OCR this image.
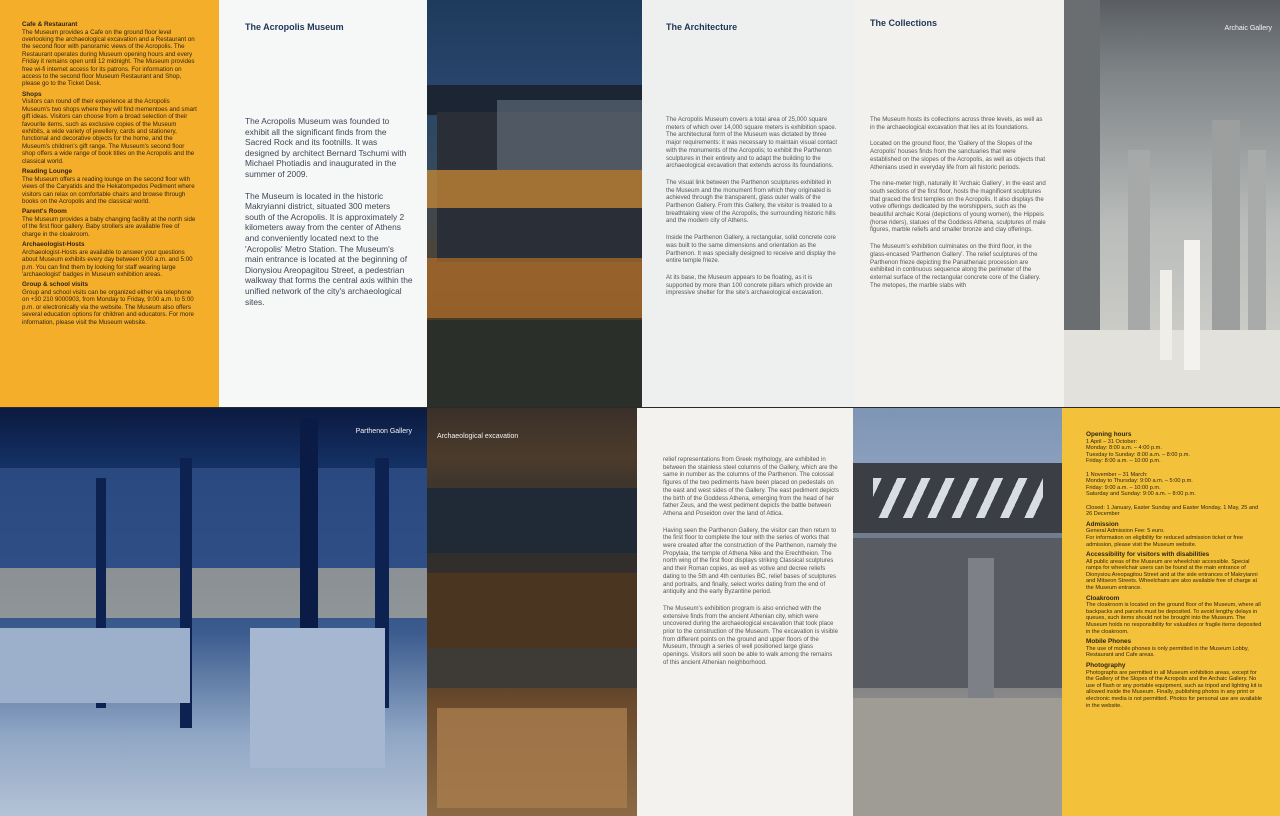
Cafe & Restaurant
The Museum provides a Cafe on the ground floor level overlooking the archaeological excavation and a Restaurant on the second floor with panoramic views of the Acropolis. The Restaurant operates during Museum opening hours and every Friday it remains open until 12 midnight. The Museum provides free wi-fi internet access for its patrons. For information on access to the second floor Museum Restaurant and Shop, please go to the Ticket Desk.
Shops
Visitors can round off their experience at the Acropolis Museum's two shops where they will find mementoes and smart gift ideas. Visitors can choose from a broad selection of their favourite items, such as exclusive copies of the Museum exhibits, a wide variety of jewellery, cards and stationery, functional and decorative objects for the home, and the Museum's children's gift range. The Museum's second floor shop offers a wide range of book titles on the Acropolis and the classical world.
Reading Lounge
The Museum offers a reading lounge on the second floor with views of the Caryatids and the Hekatompedos Pediment where visitors can relax on comfortable chairs and browse through books on the Acropolis and the classical world.
Parent's Room
The Museum provides a baby changing facility at the north side of the first floor gallery. Baby strollers are available free of charge in the cloakroom.
Archaeologist-Hosts
Archaeologist-Hosts are available to answer your questions about Museum exhibits every day between 9:00 a.m. and 5:00 p.m. You can find them by looking for staff wearing large 'archaeologist' badges in Museum exhibition areas.
Group & school visits
Group and school visits can be organized either via telephone on +30 210 9000903, from Monday to Friday, 9:00 a.m. to 5:00 p.m. or electronically via the website. The Museum also offers several education options for children and educators. For more information, please visit the Museum website.
The Acropolis Museum

The Acropolis Museum was founded to exhibit all the significant finds from the Sacred Rock and its footnills. It was designed by architect Bernard Tschumi with Michael Photiadis and inaugurated in the summer of 2009.

The Museum is located in the historic Makryianni district, situated 300 meters south of the Acropolis. It is approximately 2 kilometers away from the center of Athens and conveniently located next to the 'Acropolis' Metro Station. The Museum's main entrance is located at the beginning of Dionysiou Areopagitou Street, a pedestrian walkway that forms the central axis within the unified network of the city's archaeological sites.

The Architecture

The Acropolis Museum covers a total area of 25,000 square meters of which over 14,000 square meters is exhibition space. The architectural form of the Museum was dictated by three major requirements: it was necessary to maintain visual contact with the monuments of the Acropolis; to exhibit the Parthenon sculptures in their entirety and to adapt the building to the archaeological excavation that extends across its foundations.

The visual link between the Parthenon sculptures exhibited in the Museum and the monument from which they originated is achieved through the transparent, glass outer walls of the Parthenon Gallery. From this Gallery, the visitor is treated to a breathtaking view of the Acropolis, the surrounding historic hills and the modern city of Athens.

Inside the Parthenon Gallery, a rectangular, solid concrete core was built to the same dimensions and orientation as the Parthenon. It was specially designed to receive and display the entire temple frieze.

At its base, the Museum appears to be floating, as it is supported by more than 100 concrete pillars which provide an impressive shelter for the site's archaeological excavation.

The Collections

The Museum hosts its collections across three levels, as well as in the archaeological excavation that lies at its foundations.

Located on the ground floor, the 'Gallery of the Slopes of the Acropolis' houses finds from the sanctuaries that were established on the slopes of the Acropolis, as well as objects that Athenians used in everyday life from all historic periods.

The nine-meter high, naturally lit 'Archaic Gallery', in the east and south sections of the first floor, hosts the magnificent sculptures that graced the first temples on the Acropolis. It also displays the votive offerings dedicated by the worshippers, such as the beautiful archaic Korai (depictions of young women), the Hippeis (horse riders), statues of the Goddess Athena, sculptures of male figures, marble reliefs and smaller bronze and clay offerings.

The Museum's exhibition culminates on the third floor, in the glass-encased 'Parthenon Gallery'. The relief sculptures of the Parthenon frieze depicting the Panathenaic procession are exhibited in continuous sequence along the perimeter of the external surface of the rectangular concrete core of the Gallery. The metopes, the marble slabs with

Archaic Gallery
Parthenon Gallery
Archaeological excavation

relief representations from Greek mythology, are exhibited in between the stainless steel columns of the Gallery, which are the same in number as the columns of the Parthenon. The colossal figures of the two pediments have been placed on pedestals on the east and west sides of the Gallery. The east pediment depicts the birth of the Goddess Athena, emerging from the head of her father Zeus, and the west pediment depicts the battle between Athena and Poseidon over the land of Attica.

Having seen the Parthenon Gallery, the visitor can then return to the first floor to complete the tour with the series of works that were created after the construction of the Parthenon, namely the Propylaia, the temple of Athena Nike and the Erechtheion. The north wing of the first floor displays striking Classical sculptures and their Roman copies, as well as votive and decree reliefs dating to the 5th and 4th centuries BC, relief bases of sculptures and portraits, and finally, select works dating from the end of antiquity and the early Byzantine period.

The Museum's exhibition program is also enriched with the extensive finds from the ancient Athenian city, which were uncovered during the archaeological excavation that took place prior to the construction of the Museum. The excavation is visible from different points on the ground and upper floors of the Museum, through a series of well positioned large glass openings. Visitors will soon be able to walk among the remains of this ancient Athenian neighborhood.

Opening hours
1 April – 31 October:
Monday: 8:00 a.m. – 4:00 p.m.
Tuesday to Sunday: 8:00 a.m. – 8:00 p.m.
Friday: 8:00 a.m. – 10:00 p.m.
1 November – 31 March:
Monday to Thursday: 9:00 a.m. – 5:00 p.m.
Friday: 9:00 a.m. – 10:00 p.m.
Saturday and Sunday: 9:00 a.m. – 8:00 p.m.
Closed: 1 January, Easter Sunday and Easter Monday, 1 May, 25 and 26 December
Admission
General Admission Fee: 5 euro.
For information on eligibility for reduced admission ticket or free admission, please visit the Museum website.
Accessibility for visitors with disabilities
All public areas of the Museum are wheelchair accessible. Special ramps for wheelchair users can be found at the main entrance of Dionysiou Areopagitou Street and at the side entrances of Makryianni and Mitseon Streets. Wheelchairs are also available free of charge at the Museum entrance.
Cloakroom
The cloakroom is located on the ground floor of the Museum, where all backpacks and parcels must be deposited. To avoid lengthy delays in queues, such items should not be brought into the Museum. The Museum holds no responsibility for valuables or fragile items deposited in the cloakroom.
Mobile Phones
The use of mobile phones is only permitted in the Museum Lobby, Restaurant and Cafe areas.
Photography
Photographs are permitted in all Museum exhibition areas, except for the Gallery of the Slopes of the Acropolis and the Archaic Gallery. No use of flash or any portable equipment, such as tripod and lighting kit is allowed inside the Museum. Finally, publishing photos in any print or electronic media is not permitted. Photos for personal use are available in the website.
